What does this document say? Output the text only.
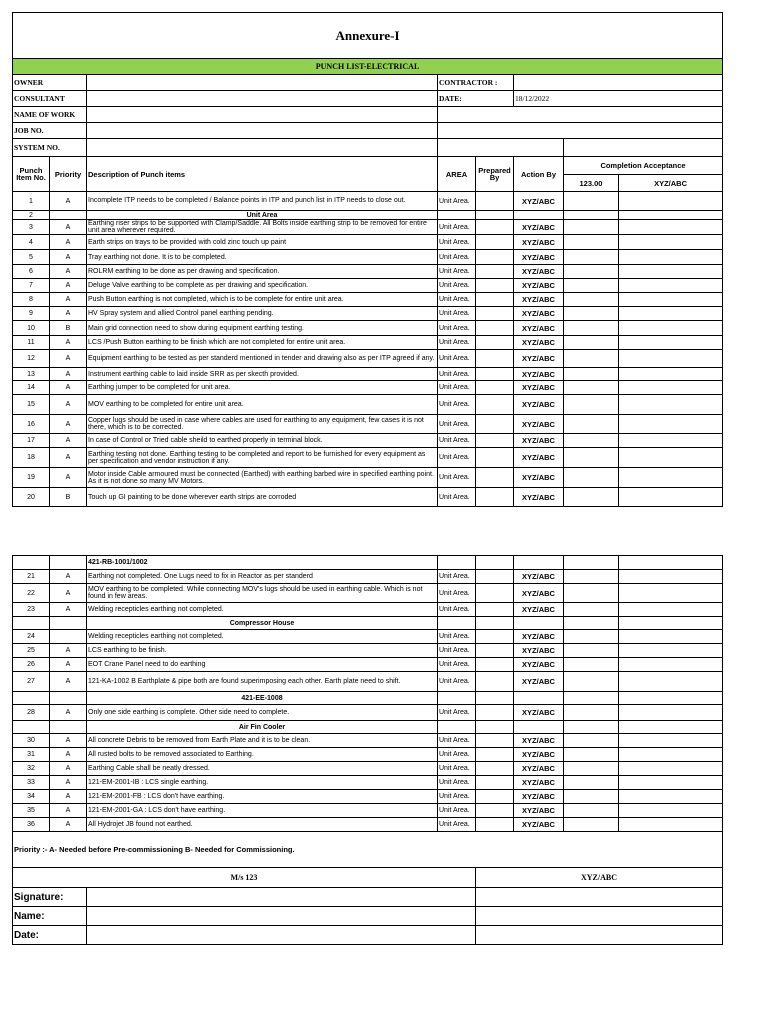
Annexure-I							
PUNCH LIST-ELECTRICAL							
OWNER			CONTRACTOR :				
CONSULTANT			DATE:		18/12/2022		
NAME OF WORK							
JOB NO.							
SYSTEM NO.							
Punch Item No.	Priority	Description of Punch items	AREA	Prepared By	Action By	Completion Acceptance	
						123.00	XYZ/ABC
1	A	Incomplete ITP needs to be completed / Balance points in ITP and punch list in ITP needs to close out.	Unit Area.		XYZ/ABC		
2		Unit Area					
3	A	Earthing riser strips to be supported with Clamp/Saddle. All Bolts inside earthing strip to be removed for entire unit area wherever required.	Unit Area.		XYZ/ABC		
4	A	Earth strips on trays to be provided with cold zinc touch up paint	Unit Area.		XYZ/ABC		
5	A	Tray earthing not done. It is to be completed.	Unit Area.		XYZ/ABC		
6	A	ROLRM earthing to be done as per drawing and specification.	Unit Area.		XYZ/ABC		
7	A	Deluge Valve earthing to be complete as per drawing and specification.	Unit Area.		XYZ/ABC		
8	A	Push Button earthing is not completed, which is to be complete for entire unit area.	Unit Area.		XYZ/ABC		
9	A	HV Spray system and allied Control panel earthing pending.	Unit Area.		XYZ/ABC		
10	B	Main grid connection need to show during equipment earthing testing.	Unit Area.		XYZ/ABC		
11	A	LCS /Push Button earthing to be finish which are not completed for entire unit area.	Unit Area.		XYZ/ABC		
12	A	Equipment earthing to be tested as per standerd mentioned in tender and drawing also as per ITP agreed if any.	Unit Area.		XYZ/ABC		
13	A	Instrument earthing cable to laid inside SRR as per skecth provided.	Unit Area.		XYZ/ABC		
14	A	Earthing jumper to be completed for unit area.	Unit Area.		XYZ/ABC		
15	A	MOV earthing to be completed for entire unit area.	Unit Area.		XYZ/ABC		
16	A	Copper lugs should be used in case where cables are used for earthing to any equipment, few cases it is not there, which is to be corrected.	Unit Area.		XYZ/ABC		
17	A	In case of Control or Tried cable sheild to earthed properly in terminal block.	Unit Area.		XYZ/ABC		
18	A	Earthing testing not done. Earthing testing to be completed and report to be furnished for every equipment as per specification and vendor instruction if any.	Unit Area.		XYZ/ABC		
19	A	Motor inside Cable armoured must be connected (Earthed) with earthing barbed wire in specified earthing point. As it is not done so many MV Motors.	Unit Area.		XYZ/ABC		
20	B	Touch up GI painting to be done wherever earth strips are corroded	Unit Area.		XYZ/ABC		
		421-RB-1001/1002					
21	A	Earthing not completed. One Lugs need to fix in Reactor as per standerd	Unit Area.		XYZ/ABC		
22	A	MOV earthing to be completed. While connecting MOV's lugs should be used in earthing cable. Which is not found in few areas.	Unit Area.		XYZ/ABC		
23	A	Welding recepticles earthing not completed.	Unit Area.		XYZ/ABC		
		Compressor House					
24		Welding recepticles earthing not completed.	Unit Area.		XYZ/ABC		
25	A	LCS earthing to be finish.	Unit Area.		XYZ/ABC		
26	A	EOT Crane Panel need to do earthing	Unit Area.		XYZ/ABC		
27	A	121-KA-1002 B Earthplate & pipe both are found superimposing each other. Earth plate need to shift.	Unit Area.		XYZ/ABC		
		421-EE-1008					
28	A	Only one side earthing is complete. Other side need to complete.	Unit Area.		XYZ/ABC		
		Air Fin Cooler					
30	A	All concrete Debris to be removed from Earth Plate and it is to be clean.	Unit Area.		XYZ/ABC		
31	A	All rusted bolts to be removed associated to Earthing.	Unit Area.		XYZ/ABC		
32	A	Earthing Cable shall be neatly dressed.	Unit Area.		XYZ/ABC		
33	A	121-EM-2001-IB : LCS single earthing.	Unit Area.		XYZ/ABC		
34	A	121-EM-2001-FB : LCS don't have earthing.	Unit Area.		XYZ/ABC		
35	A	121-EM-2001-GA : LCS don't have earthing.	Unit Area.		XYZ/ABC		
36	A	All Hydrojet JB found not earthed.	Unit Area.		XYZ/ABC		
Priority :- A- Needed before Pre-commissioning B- Needed for Commissioning.							
M/s 123				XYZ/ABC			
Signature:							
Name:							
Date:							
